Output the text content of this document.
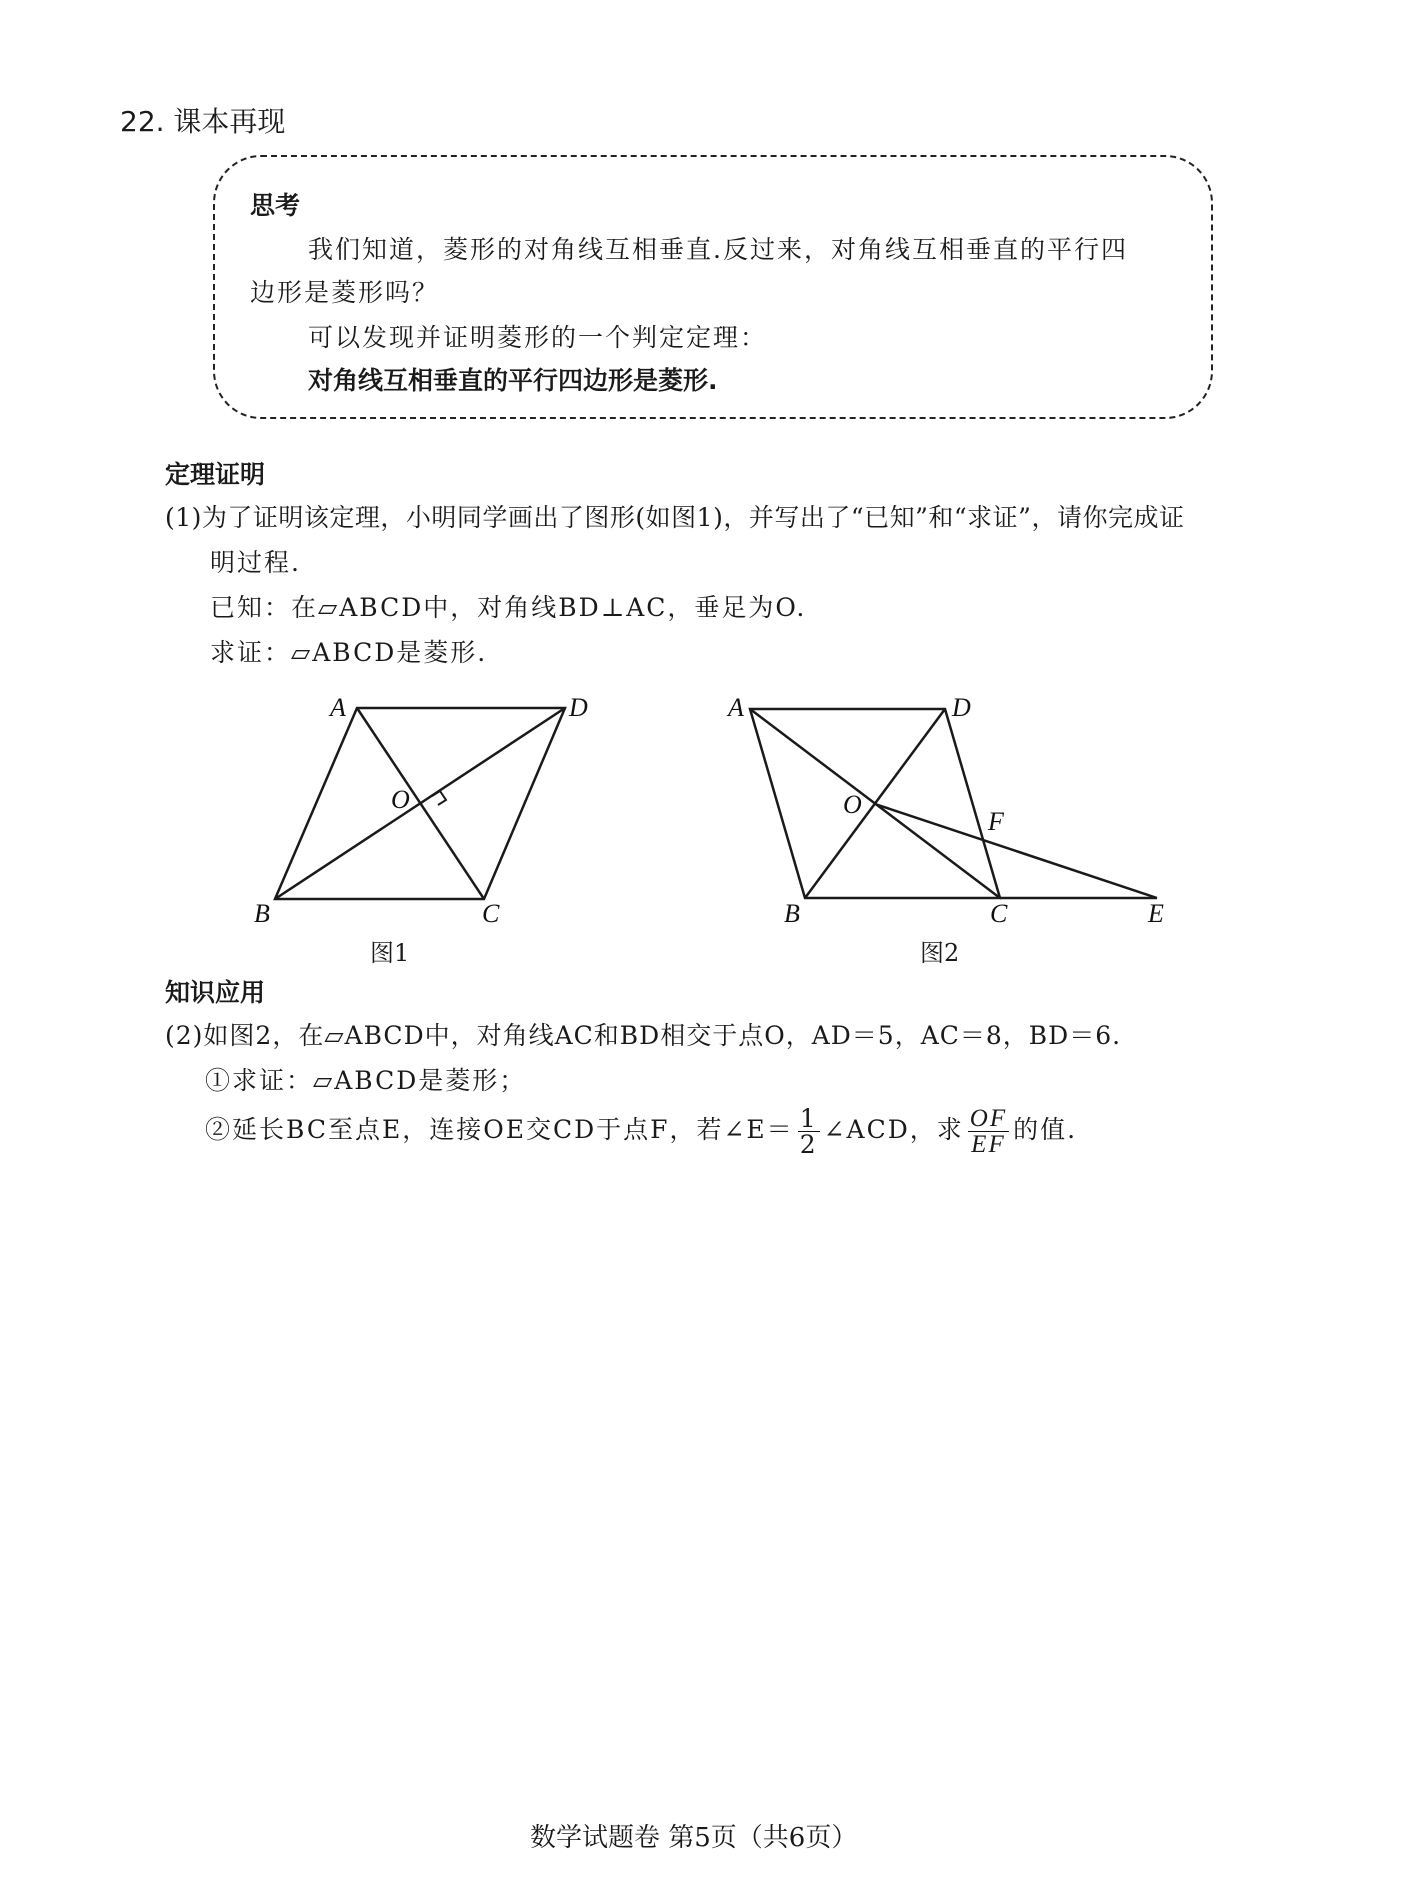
22. 课本再现
思考
我们知道，菱形的对角线互相垂直.反过来，对角线互相垂直的平行四
边形是菱形吗？
可以发现并证明菱形的一个判定定理：
对角线互相垂直的平行四边形是菱形.
定理证明
(1)为了证明该定理，小明同学画出了图形(如图1)，并写出了“已知”和“求证”，请你完成证
明过程.
已知：在▱ABCD中，对角线BD⊥AC，垂足为O.
求证：▱ABCD是菱形.
A	D
B	C
O
A	D
B	C	E
O
F
图1	图2
知识应用
(2)如图2，在▱ABCD中，对角线AC和BD相交于点O，AD＝5，AC＝8，BD＝6.
①求证：▱ABCD是菱形；
②延长BC至点E，连接OE交CD于点F，若∠E＝ $\frac{1}{2}$ ∠ACD，求 $\frac{OF}{EF}$ 的值.
数学试题卷 第5页（共6页）
